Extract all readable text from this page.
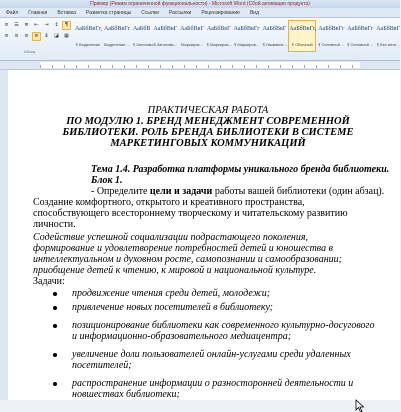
Пример (Режим ограниченной функциональности) - Microsoft Word (Сбой активации продукта)
Файл Главная Вставка Разметка страницы Ссылки Рассылки Рецензирование Вид
≡	☰	≣	⇤	⇥	↕	¶
≡	≡	≡	≡	↨	◪	▦
Абзац
АаБбВвГг,
¶ Выделение
АаБбВвГг
Выделение ...
АаБбВ
¶ Заголово...
АаБбВвГ
¶ Заголово...
АаБбВвГ
Маркиров...
АаБбВвГ
¶ Маркиров...
АаБбВвГг
¶ Маркиров...
АаБбВвГ
¶ Название ...
АаБбВвГг,
¶ Обычный
АаБбВвГг
¶ Основной ...
АаБбВвГг
¶ Основной ...
АаБбВвГ
¶ Без инте...
ПРАКТИЧЕСКАЯ РАБОТА
ПО МОДУЛЮ 1. БРЕНД МЕНЕДЖМЕНТ СОВРЕМЕННОЙ
БИБЛИОТЕКИ. РОЛЬ БРЕНДА БИБЛИОТЕКИ В СИСТЕМЕ
МАРКЕТИНГОВЫХ КОММУНИКАЦИЙ
Тема 1.4. Разработка платформы уникального бренда библиотеки.
Блок 1.
- Определите цели и задачи работы вашей библиотеки (один абзац).
Создание комфортного, открытого и креативного пространства,
способствующего всестороннему творческому и читательскому развитию
личности.
Содействие успешной социализации подрастающего поколения,
формирование и удовлетворение потребностей детей и юношества в
интеллектуальном и духовном росте, самопознании и самообразовании;
приобщение детей к чтению, к мировой и национальной культуре.
Задачи:
продвижение чтения среди детей, молодежи;
привлечение новых посетителей в библиотеку;
позиционирование библиотеки как современного культурно-досугового
и информационно-образовательного медиацентра;
увеличение доли пользователей онлайн-услугами среди удаленных
посетителей;
распространение информации о разносторонней деятельности и
новшествах библиотеки;
